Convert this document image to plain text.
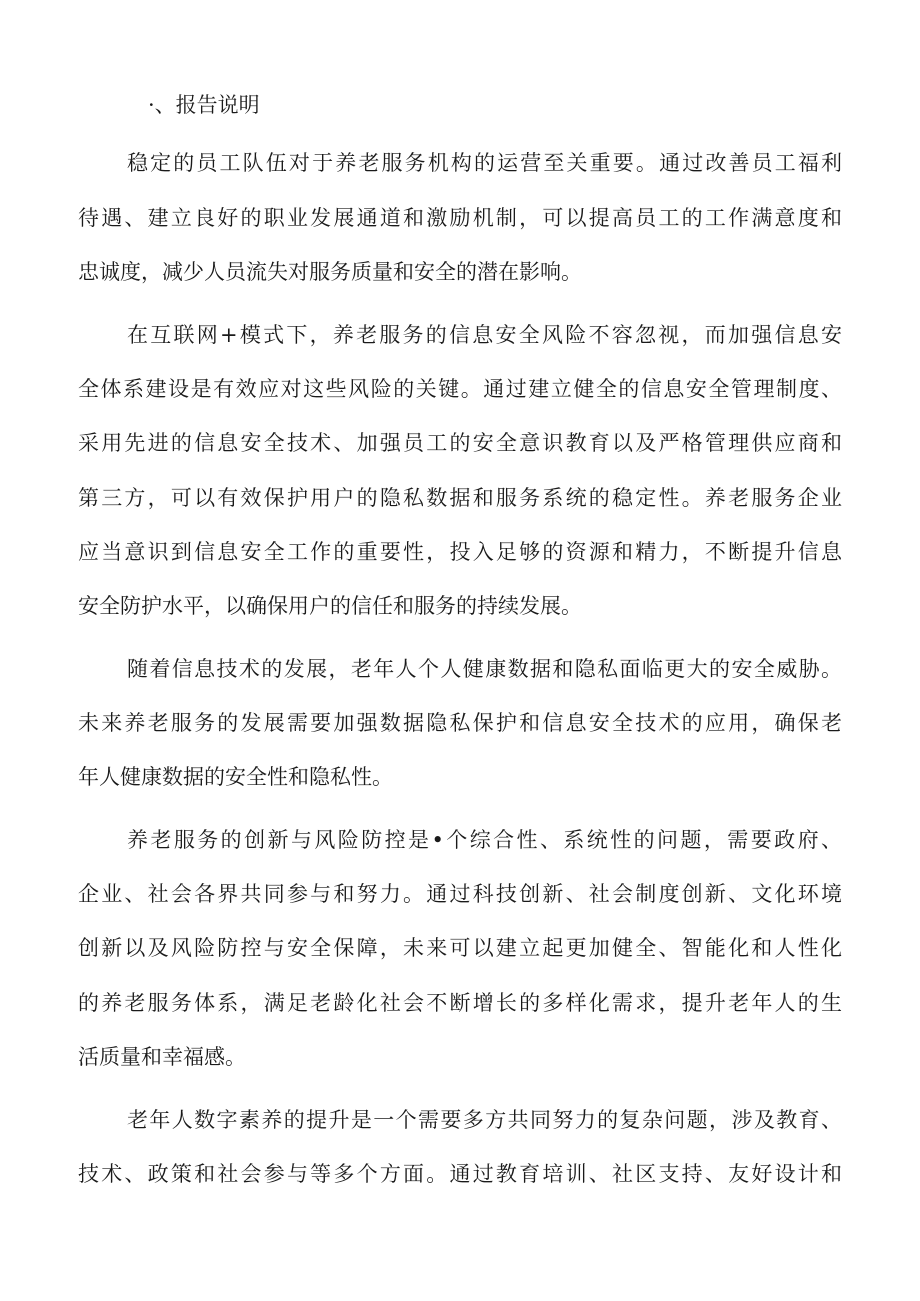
·、报告说明
稳定的员工队伍对于养老服务机构的运营至关重要。通过改善员工福利
待遇、建立良好的职业发展通道和激励机制，可以提高员工的工作满意度和
忠诚度，减少人员流失对服务质量和安全的潜在影响。
在互联网+模式下，养老服务的信息安全风险不容忽视，而加强信息安
全体系建设是有效应对这些风险的关键。通过建立健全的信息安全管理制度、
采用先进的信息安全技术、加强员工的安全意识教育以及严格管理供应商和
第三方，可以有效保护用户的隐私数据和服务系统的稳定性。养老服务企业
应当意识到信息安全工作的重要性，投入足够的资源和精力，不断提升信息
安全防护水平，以确保用户的信任和服务的持续发展。
随着信息技术的发展，老年人个人健康数据和隐私面临更大的安全威胁。
未来养老服务的发展需要加强数据隐私保护和信息安全技术的应用，确保老
年人健康数据的安全性和隐私性。
养老服务的创新与风险防控是•个综合性、系统性的问题，需要政府、
企业、社会各界共同参与和努力。通过科技创新、社会制度创新、文化环境
创新以及风险防控与安全保障，未来可以建立起更加健全、智能化和人性化
的养老服务体系，满足老龄化社会不断增长的多样化需求，提升老年人的生
活质量和幸福感。
老年人数字素养的提升是一个需要多方共同努力的复杂问题，涉及教育、
技术、政策和社会参与等多个方面。通过教育培训、社区支持、友好设计和
